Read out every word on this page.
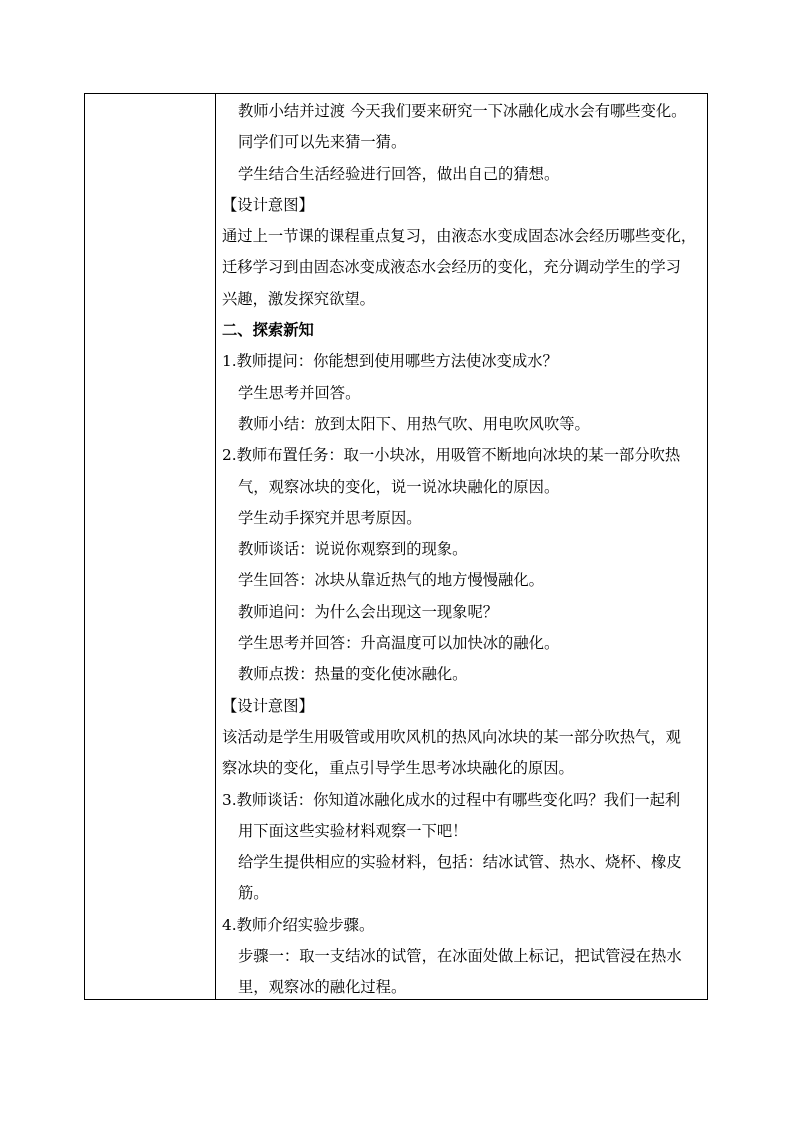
教师小结并过渡 今天我们要来研究一下冰融化成水会有哪些变化。
同学们可以先来猜一猜。
学生结合生活经验进行回答，做出自己的猜想。
【设计意图】
通过上一节课的课程重点复习，由液态水变成固态冰会经历哪些变化，
迁移学习到由固态冰变成液态水会经历的变化，充分调动学生的学习
兴趣，激发探究欲望。
二、探索新知
1.教师提问：你能想到使用哪些方法使冰变成水？
学生思考并回答。
教师小结：放到太阳下、用热气吹、用电吹风吹等。
2.教师布置任务：取一小块冰，用吸管不断地向冰块的某一部分吹热
气，观察冰块的变化，说一说冰块融化的原因。
学生动手探究并思考原因。
教师谈话：说说你观察到的现象。
学生回答：冰块从靠近热气的地方慢慢融化。
教师追问：为什么会出现这一现象呢？
学生思考并回答：升高温度可以加快冰的融化。
教师点拨：热量的变化使冰融化。
【设计意图】
该活动是学生用吸管或用吹风机的热风向冰块的某一部分吹热气，观
察冰块的变化，重点引导学生思考冰块融化的原因。
3.教师谈话：你知道冰融化成水的过程中有哪些变化吗？我们一起利
用下面这些实验材料观察一下吧！
给学生提供相应的实验材料，包括：结冰试管、热水、烧杯、橡皮
筋。
4.教师介绍实验步骤。
步骤一：取一支结冰的试管，在冰面处做上标记，把试管浸在热水
里，观察冰的融化过程。
